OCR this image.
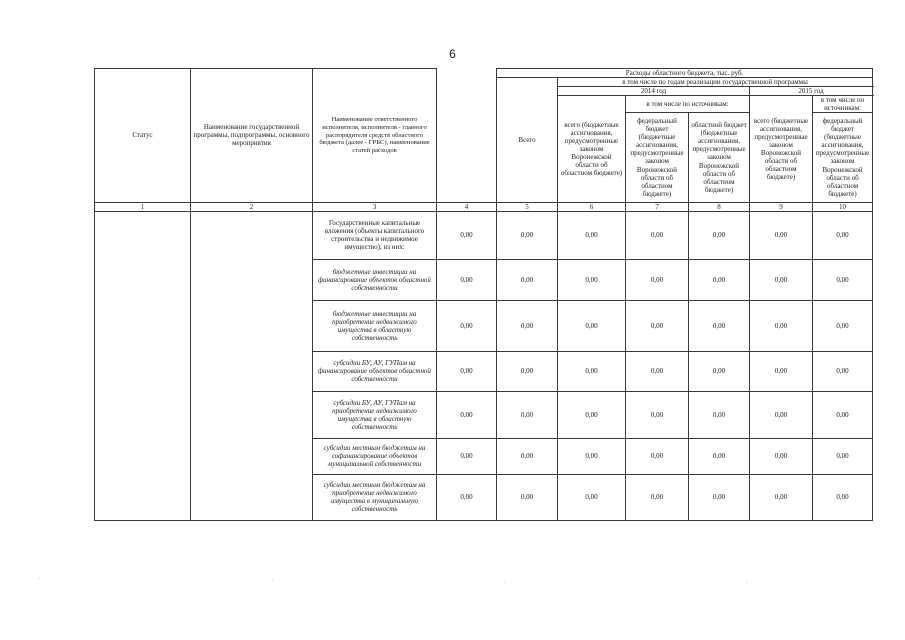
6
Статус	Наименование государственной программы, подпрограммы, основного мероприятия	Наименование ответственного исполнителя, исполнителя - главного распорядителя средств областного бюджета (далее - ГРБС), наименование статей расходов		Расходы областного бюджета, тыс. руб.						
				Всего	в том числе по годам реализации государственной программы					
					2014 год			2015 год		
					всего (бюджетные ассигнования, предусмотренные законом Воронежской области об областном бюджете)	в том числе по источникам:		всего (бюджетные ассигнования, предусмотренные законом Воронежской области об областном бюджете)	в том числе по источникам:	
						федеральный бюджет (бюджетные ассигнования, предусмотренные законом Воронежской области об областном бюджете)	областной бюджет (бюджетные ассигнования, предусмотренные законом Воронежской области об областном бюджете)		федеральный бюджет (бюджетные ассигнования, предусмотренные законом Воронежской области об областном бюджете)	
1	2	3	4	5	6	7	8	9	10	
		Государственные капитальные вложения (объекты капитального строительства и недвижимое имущество), из них:	0,00	0,00	0,00	0,00	0,00	0,00	0,00	
		бюджетные инвестиции на финансирование объектов областной собственности	0,00	0,00	0,00	0,00	0,00	0,00	0,00	
		бюджетные инвестиции на приобретение недвижимого имущества в областную собственность	0,00	0,00	0,00	0,00	0,00	0,00	0,00	
		субсидии БУ, АУ, ГУПам на финансирование объектов областной собственности	0,00	0,00	0,00	0,00	0,00	0,00	0,00	
		субсидии БУ, АУ, ГУПам на приобретение недвижимого имущества в областную собственность	0,00	0,00	0,00	0,00	0,00	0,00	0,00	
		субсидии местным бюджетам на софинансирование объектов муниципальной собственности	0,00	0,00	0,00	0,00	0,00	0,00	0,00	
		субсидии местным бюджетам на приобретение недвижимого имущества в муниципальную собственность	0,00	0,00	0,00	0,00	0,00	0,00	0,00	
·	·	·	·
